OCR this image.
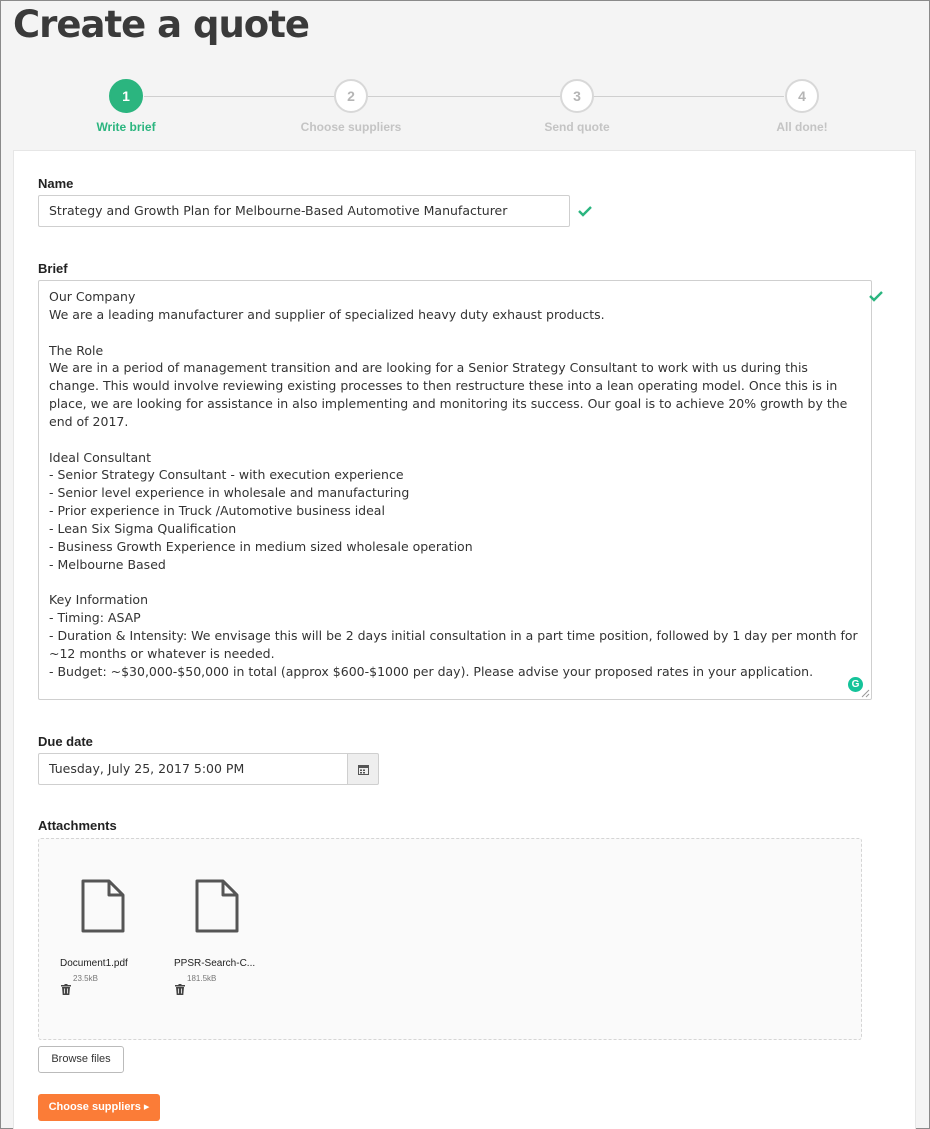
Create a quote
1
Write brief
2
Choose suppliers
3
Send quote
4
All done!
Name
Strategy and Growth Plan for Melbourne-Based Automotive Manufacturer
Brief
Our Company
We are a leading manufacturer and supplier of specialized heavy duty exhaust products.

The Role
We are in a period of management transition and are looking for a Senior Strategy Consultant to work with us during this change. This would involve reviewing existing processes to then restructure these into a lean operating model. Once this is in place, we are looking for assistance in also implementing and monitoring its success. Our goal is to achieve 20% growth by the end of 2017.

Ideal Consultant
- Senior Strategy Consultant - with execution experience
- Senior level experience in wholesale and manufacturing
- Prior experience in Truck /Automotive business ideal
- Lean Six Sigma Qualification
- Business Growth Experience in medium sized wholesale operation
- Melbourne Based

Key Information
- Timing: ASAP
- Duration & Intensity: We envisage this will be 2 days initial consultation in a part time position, followed by 1 day per month for ~12 months or whatever is needed.
- Budget: ~$30,000-$50,000 in total (approx $600-$1000 per day). Please advise your proposed rates in your application.
G
Due date
Tuesday, July 25, 2017 5:00 PM
Attachments
Document1.pdf
23.5kB
PPSR-Search-C...
181.5kB
Browse files
Choose suppliers ▸
